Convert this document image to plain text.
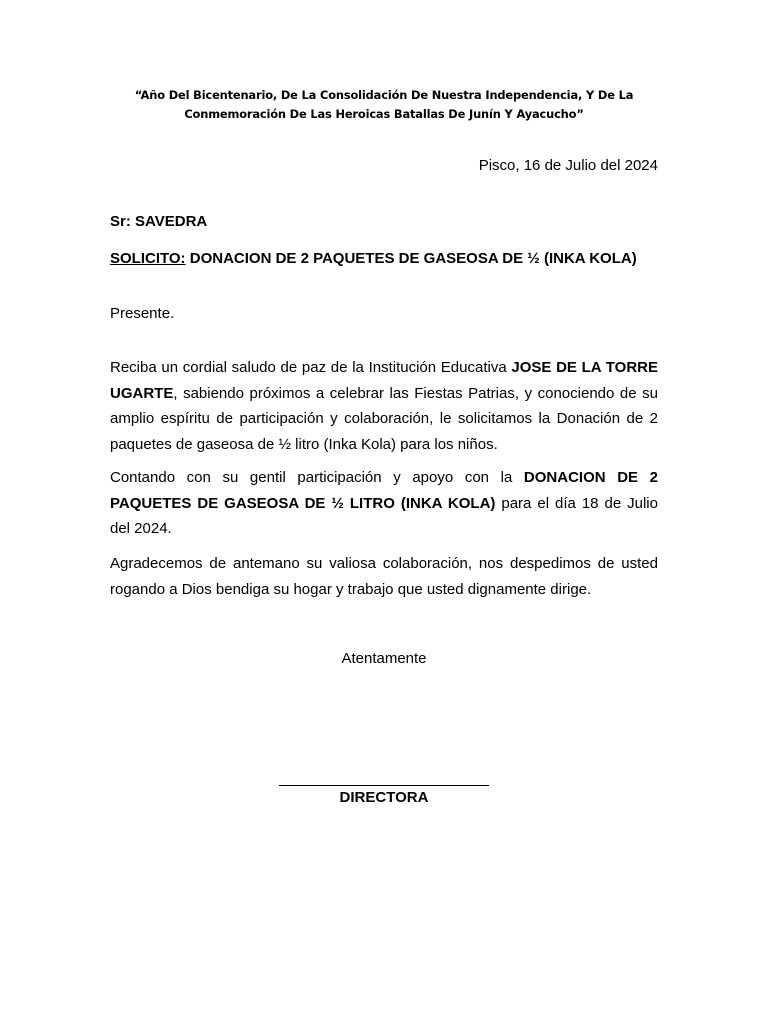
“Año Del Bicentenario, De La Consolidación De Nuestra Independencia, Y De La
Conmemoración De Las Heroicas Batallas De Junín Y Ayacucho”
Pisco, 16 de Julio del 2024
Sr: SAVEDRA
SOLICITO: DONACION DE 2 PAQUETES DE GASEOSA DE ½ (INKA KOLA)
Presente.
Reciba un cordial saludo de paz de la Institución Educativa JOSE DE LA TORRE UGARTE, sabiendo próximos a celebrar las Fiestas Patrias, y conociendo de su amplio espíritu de participación y colaboración, le solicitamos la Donación de 2 paquetes de gaseosa de ½ litro (Inka Kola) para los niños.
Contando con su gentil participación y apoyo con la DONACION DE 2 PAQUETES DE GASEOSA DE ½ LITRO (INKA KOLA) para el día 18 de Julio del 2024.
Agradecemos de antemano su valiosa colaboración, nos despedimos de usted rogando a Dios bendiga su hogar y trabajo que usted dignamente dirige.
Atentamente
DIRECTORA
